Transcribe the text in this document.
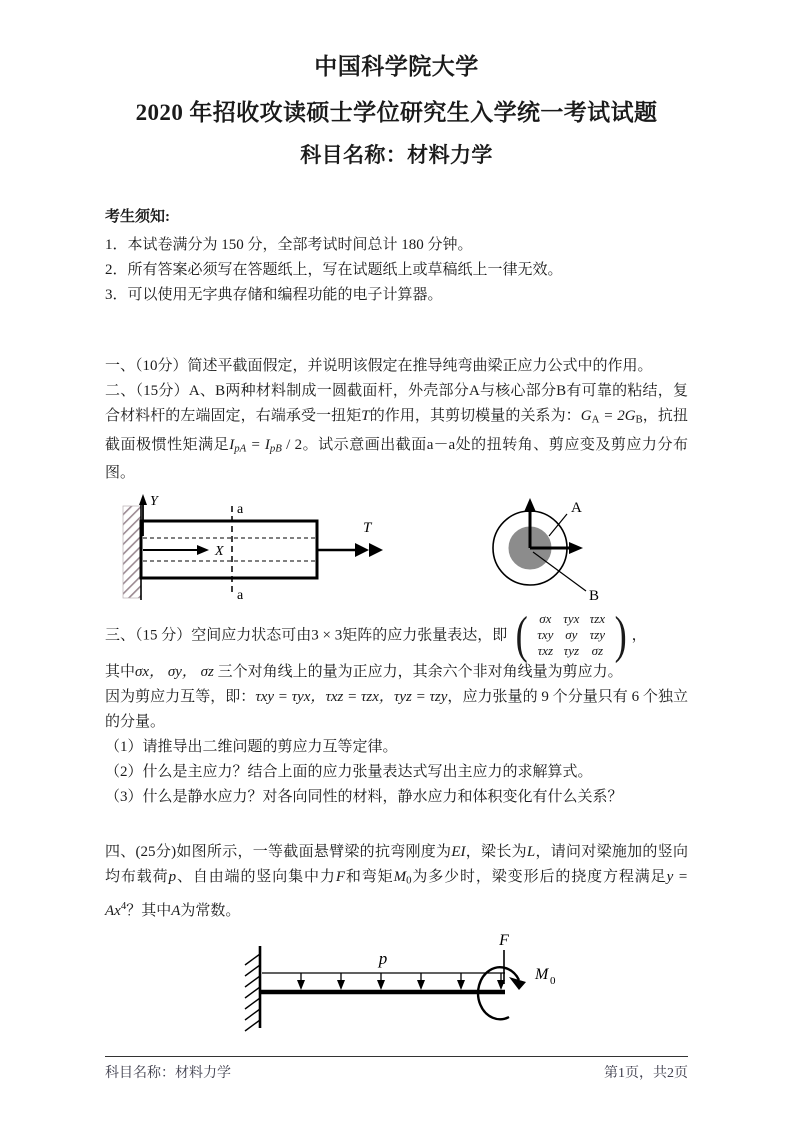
中国科学院大学
2020 年招收攻读硕士学位研究生入学统一考试试题
科目名称：材料力学
考生须知:
1．本试卷满分为 150 分，全部考试时间总计 180 分钟。
2．所有答案必须写在答题纸上，写在试题纸上或草稿纸上一律无效。
3．可以使用无字典存储和编程功能的电子计算器。
一、（10分）简述平截面假定，并说明该假定在推导纯弯曲梁正应力公式中的作用。
二、（15分）A、B两种材料制成一圆截面杆，外壳部分A与核心部分B有可靠的粘结，复合材料杆的左端固定，右端承受一扭矩T的作用，其剪切模量的关系为：$G_A = 2G_B$，抗扭截面极惯性矩满足$I_{pA} = I_{pB} / 2$。试示意画出截面a－a处的扭转角、剪应变及剪应力分布图。
Y
X
a
a
T
A
B
三、（15 分）空间应力状态可由3 × 3矩阵的应力张量表达，即 ( σx τyx τzx
τxy σy τzy
τxz τyz σz ) ，
其中σx， σy， σz 三个对角线上的量为正应力，其余六个非对角线量为剪应力。
因为剪应力互等，即：τxy = τyx，τxz = τzx，τyz = τzy，应力张量的 9 个分量只有 6 个独立的分量。
（1）请推导出二维问题的剪应力互等定律。
（2）什么是主应力？结合上面的应力张量表达式写出主应力的求解算式。
（3）什么是静水应力？对各向同性的材料，静水应力和体积变化有什么关系？
四、(25分)如图所示，一等截面悬臂梁的抗弯刚度为EI，梁长为L，请问对梁施加的竖向均布载荷p、自由端的竖向集中力F和弯矩$M_0$为多少时，梁变形后的挠度方程满足$y = Ax^4$？其中A为常数。
p
F
M 0
科目名称：材料力学	第1页，共2页
